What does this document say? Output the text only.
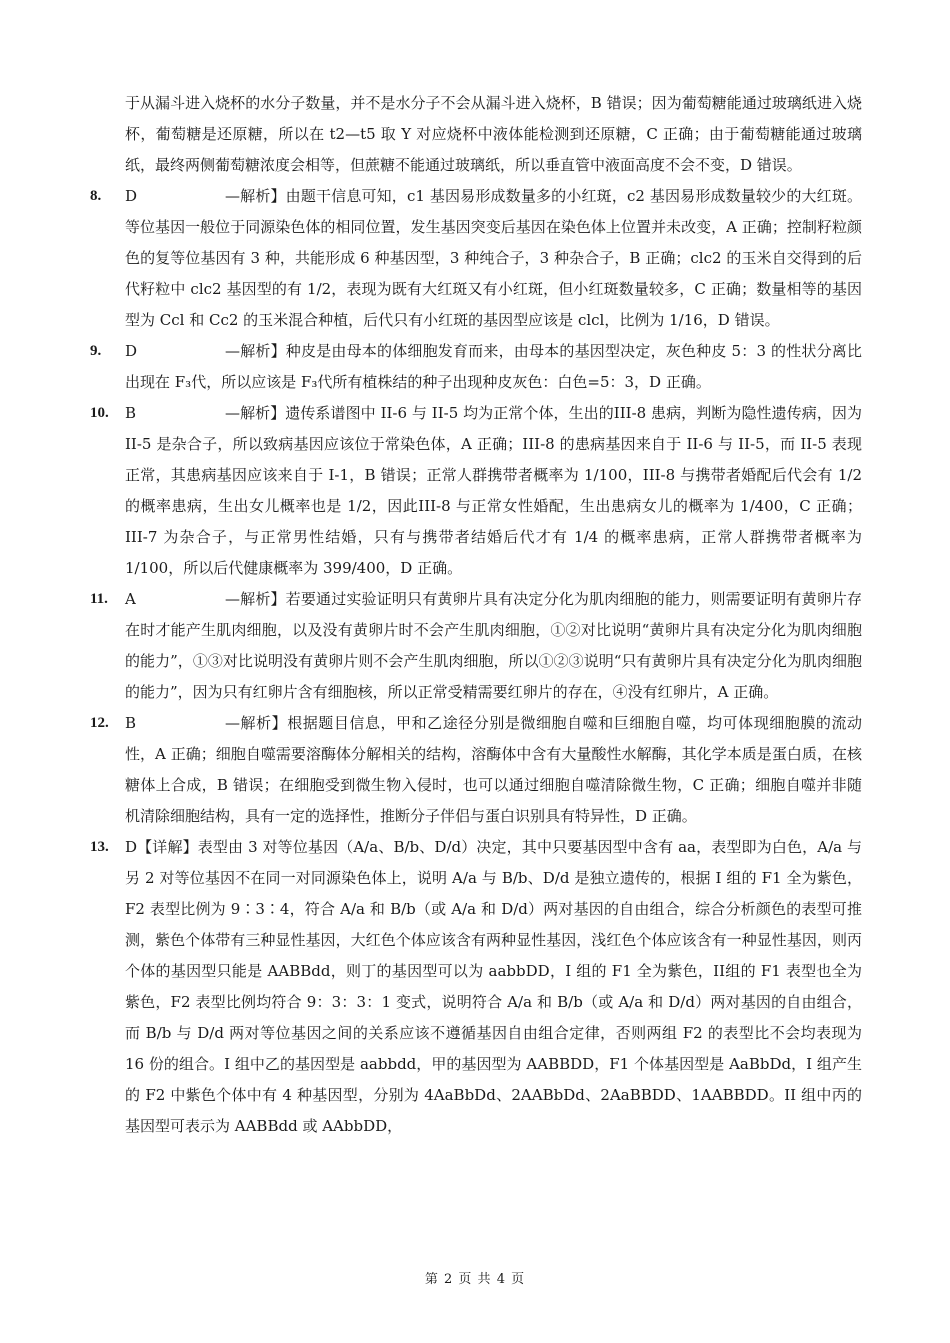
于从漏斗进入烧杯的水分子数量，并不是水分子不会从漏斗进入烧杯，B 错误；因为葡萄糖能通过玻璃纸进入烧杯，葡萄糖是还原糖，所以在 t2—t5 取 Y 对应烧杯中液体能检测到还原糖，C 正确；由于葡萄糖能通过玻璃纸，最终两侧葡萄糖浓度会相等，但蔗糖不能通过玻璃纸，所以垂直管中液面高度不会不变，D 错误。

8. D	—解析】由题干信息可知，c1 基因易形成数量多的小红斑，c2 基因易形成数量较少的大红斑。等位基因一般位于同源染色体的相同位置，发生基因突变后基因在染色体上位置并未改变，A 正确；控制籽粒颜色的复等位基因有 3 种，共能形成 6 种基因型，3 种纯合子，3 种杂合子，B 正确；clc2 的玉米自交得到的后代籽粒中 clc2 基因型的有 1/2，表现为既有大红斑又有小红斑，但小红斑数量较多，C 正确；数量相等的基因型为 Ccl 和 Cc2 的玉米混合种植，后代只有小红斑的基因型应该是 clcl，比例为 1/16，D 错误。
9. D	—解析】种皮是由母本的体细胞发育而来，由母本的基因型决定，灰色种皮 5：3 的性状分离比出现在 F₃代，所以应该是 F₃代所有植株结的种子出现种皮灰色：白色=5：3，D 正确。
10. B	—解析】遗传系谱图中 II-6 与 II-5 均为正常个体，生出的III-8 患病，判断为隐性遗传病，因为 II-5 是杂合子，所以致病基因应该位于常染色体，A 正确；III-8 的患病基因来自于 II-6 与 II-5，而 II-5 表现正常，其患病基因应该来自于 I-1，B 错误；正常人群携带者概率为 1/100，III-8 与携带者婚配后代会有 1/2 的概率患病，生出女儿概率也是 1/2，因此III-8 与正常女性婚配，生出患病女儿的概率为 1/400，C 正确；III-7 为杂合子，与正常男性结婚，只有与携带者结婚后代才有 1/4 的概率患病，正常人群携带者概率为 1/100，所以后代健康概率为 399/400，D 正确。
11. A	—解析】若要通过实验证明只有黄卵片具有决定分化为肌肉细胞的能力，则需要证明有黄卵片存在时才能产生肌肉细胞，以及没有黄卵片时不会产生肌肉细胞，①②对比说明“黄卵片具有决定分化为肌肉细胞的能力”，①③对比说明没有黄卵片则不会产生肌肉细胞，所以①②③说明“只有黄卵片具有决定分化为肌肉细胞的能力”，因为只有红卵片含有细胞核，所以正常受精需要红卵片的存在，④没有红卵片，A 正确。
12. B	—解析】根据题目信息，甲和乙途径分别是微细胞自噬和巨细胞自噬，均可体现细胞膜的流动性，A 正确；细胞自噬需要溶酶体分解相关的结构，溶酶体中含有大量酸性水解酶，其化学本质是蛋白质，在核糖体上合成，B 错误；在细胞受到微生物入侵时，也可以通过细胞自噬清除微生物，C 正确；细胞自噬并非随机清除细胞结构，具有一定的选择性，推断分子伴侣与蛋白识别具有特异性，D 正确。
13. D【详解】表型由 3 对等位基因（A/a、B/b、D/d）决定，其中只要基因型中含有 aa，表型即为白色，A/a 与另 2 对等位基因不在同一对同源染色体上，说明 A/a 与 B/b、D/d 是独立遗传的，根据 I 组的 F1 全为紫色，F2 表型比例为 9∶3∶4，符合 A/a 和 B/b（或 A/a 和 D/d）两对基因的自由组合，综合分析颜色的表型可推测，紫色个体带有三种显性基因，大红色个体应该含有两种显性基因，浅红色个体应该含有一种显性基因，则丙个体的基因型只能是 AABBdd，则丁的基因型可以为 aabbDD，I 组的 F1 全为紫色，II组的 F1 表型也全为紫色，F2 表型比例均符合 9：3：3：1 变式，说明符合 A/a 和 B/b（或 A/a 和 D/d）两对基因的自由组合，而 B/b 与 D/d 两对等位基因之间的关系应该不遵循基因自由组合定律，否则两组 F2 的表型比不会均表现为 16 份的组合。I 组中乙的基因型是 aabbdd，甲的基因型为 AABBDD，F1 个体基因型是 AaBbDd，I 组产生的 F2 中紫色个体中有 4 种基因型，分别为 4AaBbDd、2AABbDd、2AaBBDD、1AABBDD。II 组中丙的基因型可表示为 AABBdd 或 AAbbDD，
第 2 页 共 4 页
